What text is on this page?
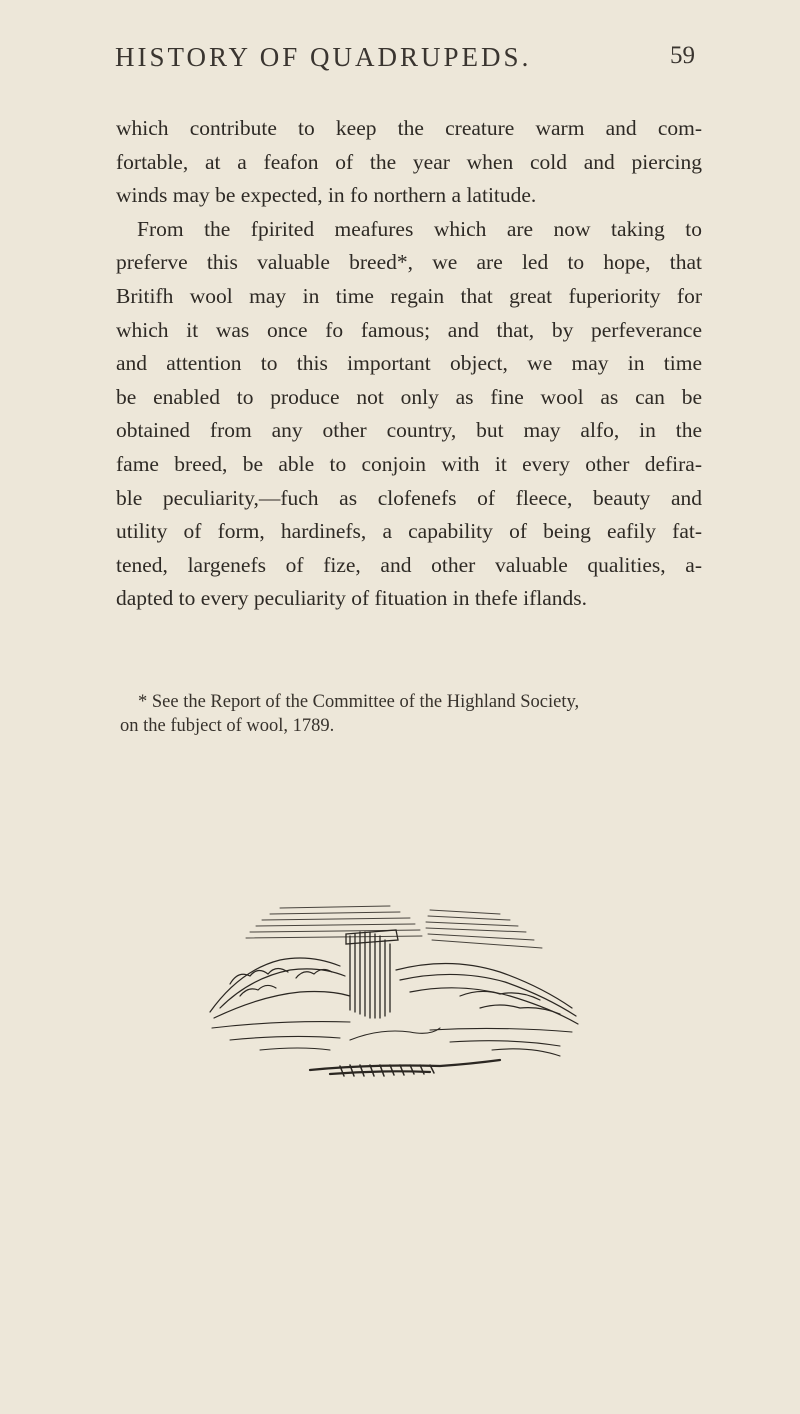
HISTORY OF QUADRUPEDS.	59
which contribute to keep the creature warm and com-
fortable, at a feafon of the year when cold and piercing
winds may be expected, in fo northern a latitude.
From the fpirited meafures which are now taking to
preferve this valuable breed*, we are led to hope, that
Britifh wool may in time regain that great fuperiority for
which it was once fo famous; and that, by perfeverance
and attention to this important object, we may in time
be enabled to produce not only as fine wool as can be
obtained from any other country, but may alfo, in the
fame breed, be able to conjoin with it every other defira-
ble peculiarity,—fuch as clofenefs of fleece, beauty and
utility of form, hardinefs, a capability of being eafily fat-
tened, largenefs of fize, and other valuable qualities, a-
dapted to every peculiarity of fituation in thefe iflands.
* See the Report of the Committee of the Highland Society,
on the fubject of wool, 1789.
